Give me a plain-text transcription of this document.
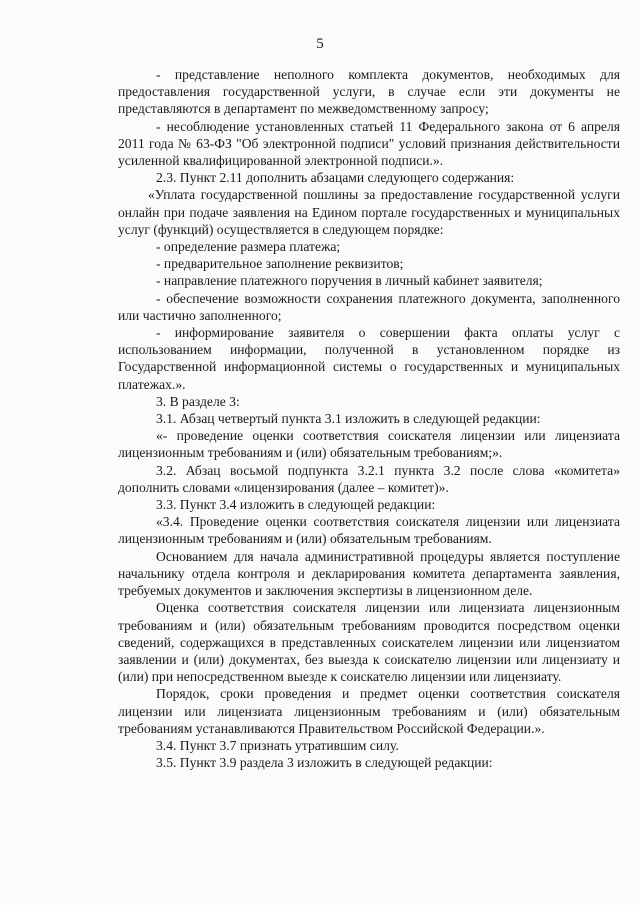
5

- представление неполного комплекта документов, необходимых для предоставления государственной услуги, в случае если эти документы не представляются в департамент по межведомственному запросу;

- несоблюдение установленных статьей 11 Федерального закона от 6 апреля 2011 года № 63-ФЗ "Об электронной подписи" условий признания действительности усиленной квалифицированной электронной подписи.».

2.3. Пункт 2.11 дополнить абзацами следующего содержания:

«Уплата государственной пошлины за предоставление государственной услуги онлайн при подаче заявления на Едином портале государственных и муниципальных услуг (функций) осуществляется в следующем порядке:

- определение размера платежа;

- предварительное заполнение реквизитов;

- направление платежного поручения в личный кабинет заявителя;

- обеспечение возможности сохранения платежного документа, заполненного или частично заполненного;

- информирование заявителя о совершении факта оплаты услуг с использованием информации, полученной в установленном порядке из Государственной информационной системы о государственных и муниципальных платежах.».

3. В разделе 3:

3.1. Абзац четвертый пункта 3.1 изложить в следующей редакции:

«- проведение оценки соответствия соискателя лицензии или лицензиата лицензионным требованиям и (или) обязательным требованиям;».

3.2. Абзац восьмой подпункта 3.2.1 пункта 3.2 после слова «комитета» дополнить словами «лицензирования (далее – комитет)».

3.3. Пункт 3.4 изложить в следующей редакции:

«3.4. Проведение оценки соответствия соискателя лицензии или лицензиата лицензионным требованиям и (или) обязательным требованиям.

Основанием для начала административной процедуры является поступление начальнику отдела контроля и декларирования комитета департамента заявления, требуемых документов и заключения экспертизы в лицензионном деле.

Оценка соответствия соискателя лицензии или лицензиата лицензионным требованиям и (или) обязательным требованиям проводится посредством оценки сведений, содержащихся в представленных соискателем лицензии или лицензиатом заявлении и (или) документах, без выезда к соискателю лицензии или лицензиату и (или) при непосредственном выезде к соискателю лицензии или лицензиату.

Порядок, сроки проведения и предмет оценки соответствия соискателя лицензии или лицензиата лицензионным требованиям и (или) обязательным требованиям устанавливаются Правительством Российской Федерации.».

3.4. Пункт 3.7 признать утратившим силу.

3.5. Пункт 3.9 раздела 3 изложить в следующей редакции:
